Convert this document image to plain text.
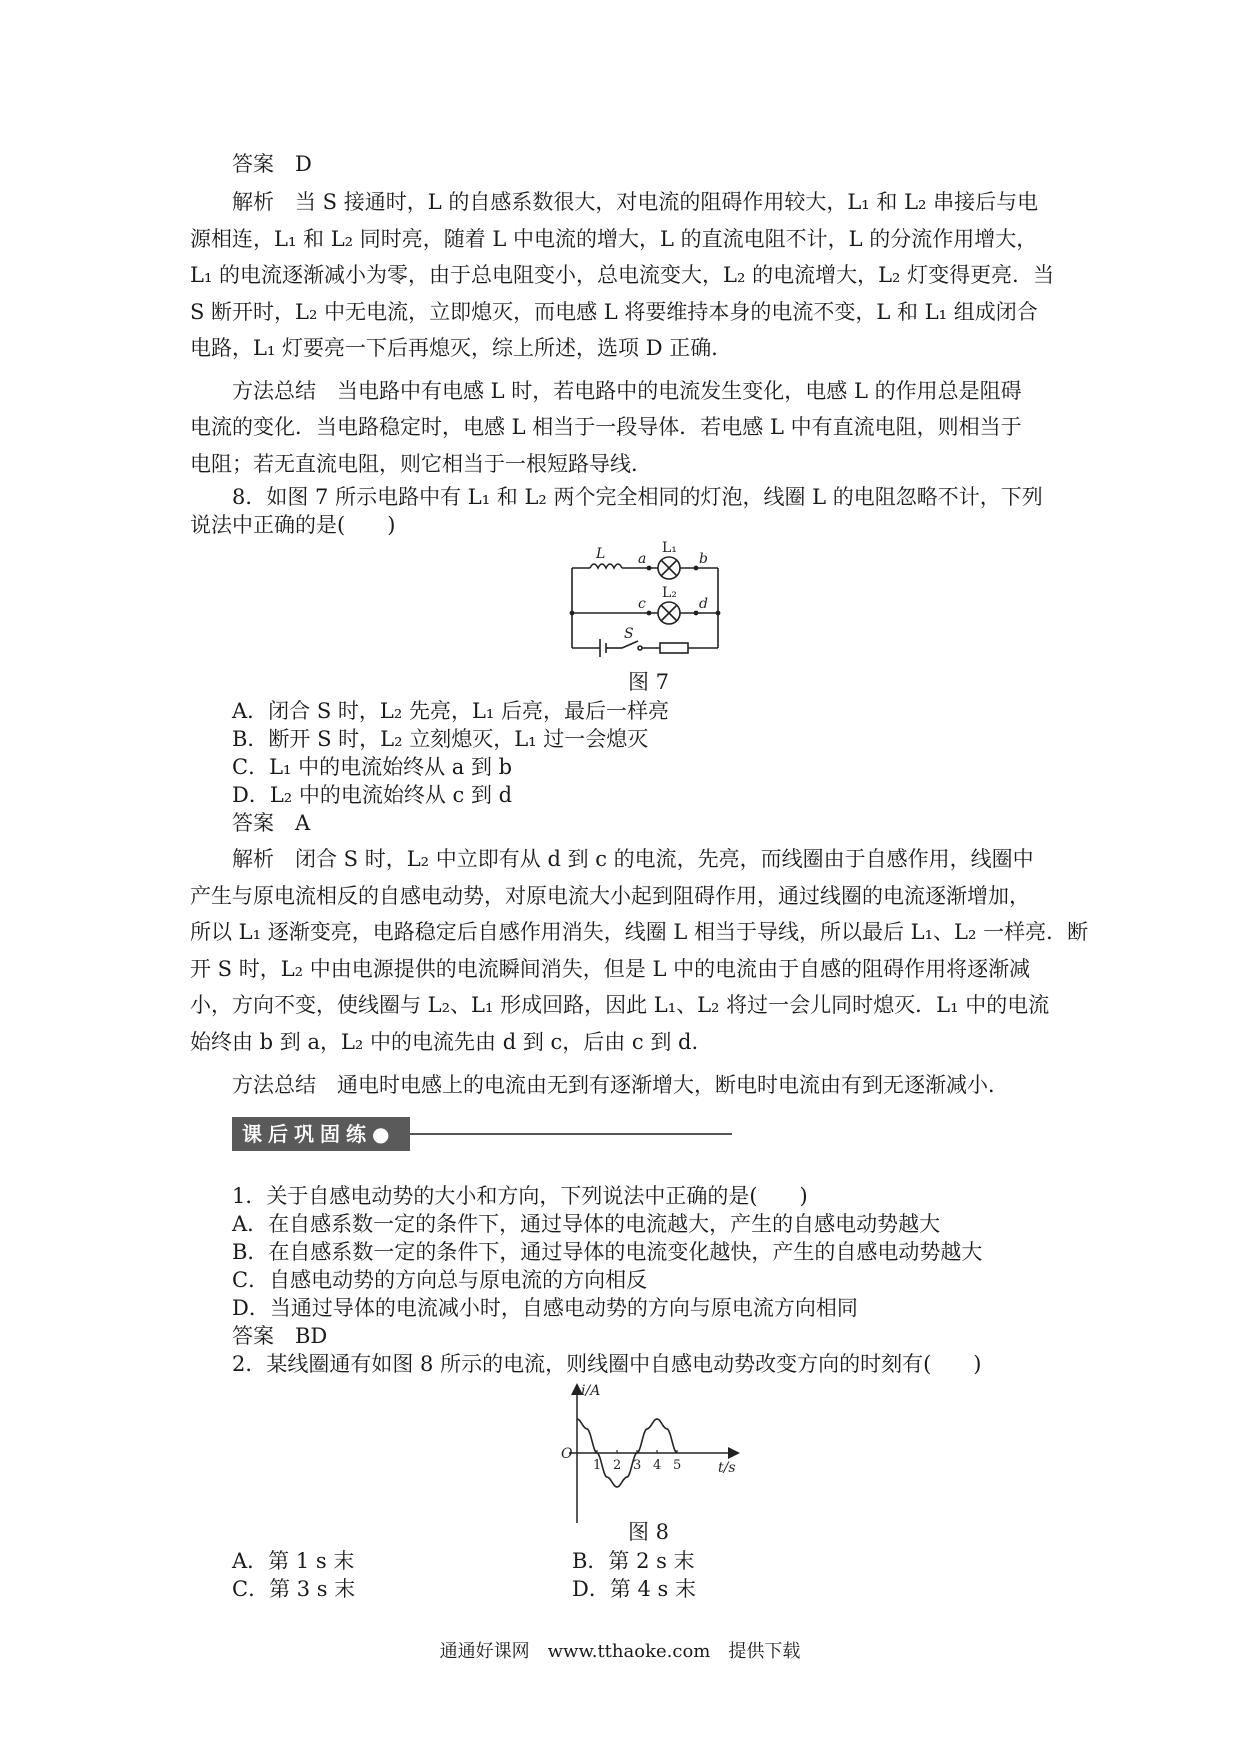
答案　D
解析　当 S 接通时，L 的自感系数很大，对电流的阻碍作用较大，L₁ 和 L₂ 串接后与电
源相连，L₁ 和 L₂ 同时亮，随着 L 中电流的增大，L 的直流电阻不计，L 的分流作用增大，
L₁ 的电流逐渐减小为零，由于总电阻变小，总电流变大，L₂ 的电流增大，L₂ 灯变得更亮．当
S 断开时，L₂ 中无电流，立即熄灭，而电感 L 将要维持本身的电流不变，L 和 L₁ 组成闭合
电路，L₁ 灯要亮一下后再熄灭，综上所述，选项 D 正确．
方法总结　当电路中有电感 L 时，若电路中的电流发生变化，电感 L 的作用总是阻碍
电流的变化．当电路稳定时，电感 L 相当于一段导体．若电感 L 中有直流电阻，则相当于
电阻；若无直流电阻，则它相当于一根短路导线．
8．如图 7 所示电路中有 L₁ 和 L₂ 两个完全相同的灯泡，线圈 L 的电阻忽略不计，下列
说法中正确的是(　　)
L a
L₁
b
c
L₂
d
S
图 7
A．闭合 S 时，L₂ 先亮，L₁ 后亮，最后一样亮
B．断开 S 时，L₂ 立刻熄灭，L₁ 过一会熄灭
C．L₁ 中的电流始终从 a 到 b
D．L₂ 中的电流始终从 c 到 d
答案　A
解析　闭合 S 时，L₂ 中立即有从 d 到 c 的电流，先亮，而线圈由于自感作用，线圈中
产生与原电流相反的自感电动势，对原电流大小起到阻碍作用，通过线圈的电流逐渐增加，
所以 L₁ 逐渐变亮，电路稳定后自感作用消失，线圈 L 相当于导线，所以最后 L₁、L₂ 一样亮．断
开 S 时，L₂ 中由电源提供的电流瞬间消失，但是 L 中的电流由于自感的阻碍作用将逐渐减
小，方向不变，使线圈与 L₂、L₁ 形成回路，因此 L₁、L₂ 将过一会儿同时熄灭．L₁ 中的电流
始终由 b 到 a，L₂ 中的电流先由 d 到 c，后由 c 到 d.
方法总结　通电时电感上的电流由无到有逐渐增大，断电时电流由有到无逐渐减小．
课后巩固练●
1．关于自感电动势的大小和方向，下列说法中正确的是(　　)
A．在自感系数一定的条件下，通过导体的电流越大，产生的自感电动势越大
B．在自感系数一定的条件下，通过导体的电流变化越快，产生的自感电动势越大
C．自感电动势的方向总与原电流的方向相反
D．当通过导体的电流减小时，自感电动势的方向与原电流方向相同
答案　BD
2．某线圈通有如图 8 所示的电流，则线圈中自感电动势改变方向的时刻有(　　)
i/A
t/s
O
1 2 3 4 5
图 8
A．第 1 s 末	B．第 2 s 末
C．第 3 s 末	D．第 4 s 末
通通好课网　www.tthaoke.com　提供下载
